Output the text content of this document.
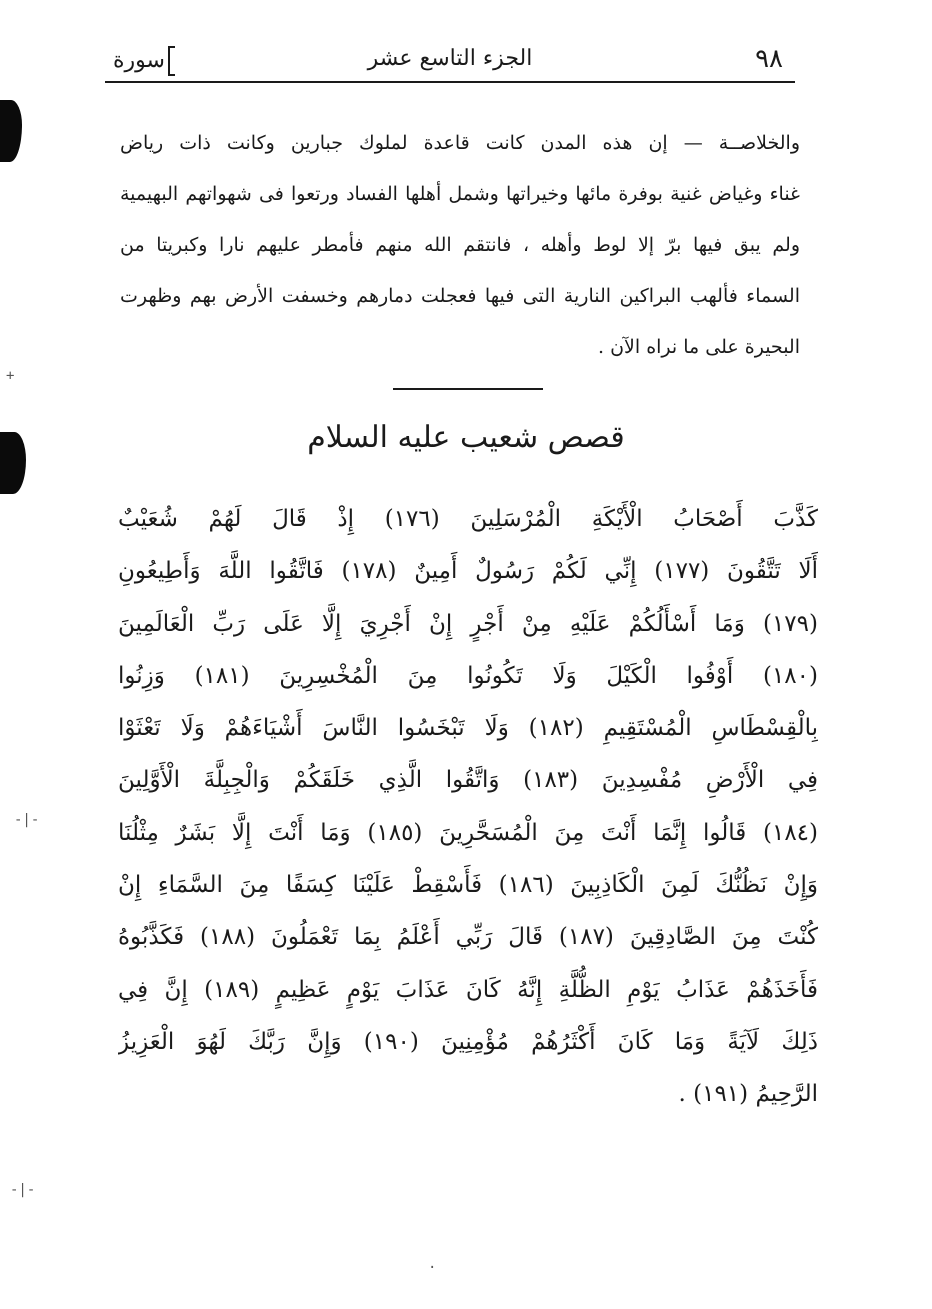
+
-|-
-|-
.
سورة	الجزء التاسع عشر	٩٨
والخلاصــة — إن هذه المدن كانت قاعدة لملوك جبارين وكانت ذات رياض
غناء وغياض غنية بوفرة مائها وخيراتها وشمل أهلها الفساد ورتعوا فى شهواتهم البهيمية
ولم يبق فيها برّ إلا لوط وأهله ، فانتقم الله منهم فأمطر عليهم نارا وكبريتا من
السماء فألهب البراكين النارية التى فيها فعجلت دمارهم وخسفت الأرض بهم وظهرت
البحيرة على ما نراه الآن .
قصص شعيب عليه السلام
كَذَّبَ أَصْحَابُ الْأَيْكَةِ الْمُرْسَلِينَ (١٧٦) إِذْ قَالَ لَهُمْ شُعَيْبٌ
أَلَا تَتَّقُونَ (١٧٧) إِنِّي لَكُمْ رَسُولٌ أَمِينٌ (١٧٨) فَاتَّقُوا اللَّهَ وَأَطِيعُونِ
(١٧٩) وَمَا أَسْأَلُكُمْ عَلَيْهِ مِنْ أَجْرٍ إِنْ أَجْرِيَ إِلَّا عَلَى رَبِّ الْعَالَمِينَ
(١٨٠) أَوْفُوا الْكَيْلَ وَلَا تَكُونُوا مِنَ الْمُخْسِرِينَ (١٨١) وَزِنُوا
بِالْقِسْطَاسِ الْمُسْتَقِيمِ (١٨٢) وَلَا تَبْخَسُوا النَّاسَ أَشْيَاءَهُمْ وَلَا تَعْثَوْا
فِي الْأَرْضِ مُفْسِدِينَ (١٨٣) وَاتَّقُوا الَّذِي خَلَقَكُمْ وَالْجِبِلَّةَ الْأَوَّلِينَ
(١٨٤) قَالُوا إِنَّمَا أَنْتَ مِنَ الْمُسَحَّرِينَ (١٨٥) وَمَا أَنْتَ إِلَّا بَشَرٌ مِثْلُنَا
وَإِنْ نَظُنُّكَ لَمِنَ الْكَاذِبِينَ (١٨٦) فَأَسْقِطْ عَلَيْنَا كِسَفًا مِنَ السَّمَاءِ إِنْ
كُنْتَ مِنَ الصَّادِقِينَ (١٨٧) قَالَ رَبِّي أَعْلَمُ بِمَا تَعْمَلُونَ (١٨٨) فَكَذَّبُوهُ
فَأَخَذَهُمْ عَذَابُ يَوْمِ الظُّلَّةِ إِنَّهُ كَانَ عَذَابَ يَوْمٍ عَظِيمٍ (١٨٩) إِنَّ فِي
ذَلِكَ لَآيَةً وَمَا كَانَ أَكْثَرُهُمْ مُؤْمِنِينَ (١٩٠) وَإِنَّ رَبَّكَ لَهُوَ الْعَزِيزُ
الرَّحِيمُ (١٩١) .
